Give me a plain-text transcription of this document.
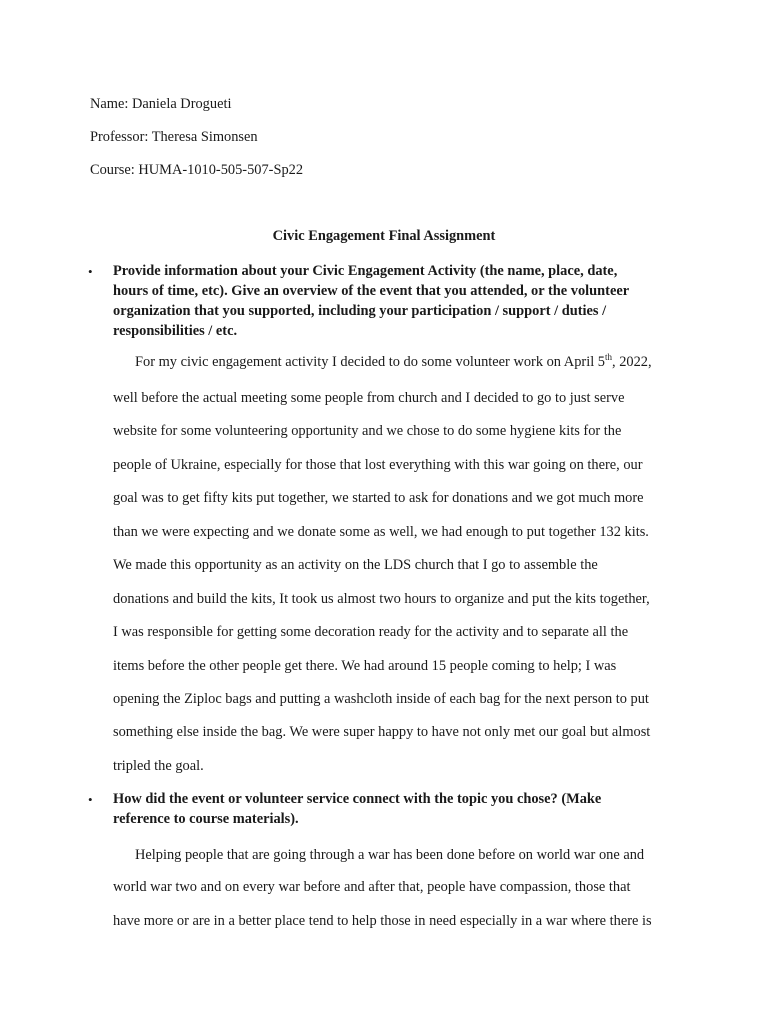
Name: Daniela Drogueti
Professor: Theresa Simonsen
Course: HUMA-1010-505-507-Sp22
Civic Engagement Final Assignment
• Provide information about your Civic Engagement Activity (the name, place, date,
hours of time, etc). Give an overview of the event that you attended, or the volunteer
organization that you supported, including your participation / support / duties /
responsibilities / etc.
For my civic engagement activity I decided to do some volunteer work on April 5th, 2022,
well before the actual meeting some people from church and I decided to go to just serve
website for some volunteering opportunity and we chose to do some hygiene kits for the
people of Ukraine, especially for those that lost everything with this war going on there, our
goal was to get fifty kits put together, we started to ask for donations and we got much more
than we were expecting and we donate some as well, we had enough to put together 132 kits.
We made this opportunity as an activity on the LDS church that I go to assemble the
donations and build the kits, It took us almost two hours to organize and put the kits together,
I was responsible for getting some decoration ready for the activity and to separate all the
items before the other people get there. We had around 15 people coming to help; I was
opening the Ziploc bags and putting a washcloth inside of each bag for the next person to put
something else inside the bag. We were super happy to have not only met our goal but almost
tripled the goal.
• How did the event or volunteer service connect with the topic you chose? (Make
reference to course materials).
Helping people that are going through a war has been done before on world war one and
world war two and on every war before and after that, people have compassion, those that
have more or are in a better place tend to help those in need especially in a war where there is
